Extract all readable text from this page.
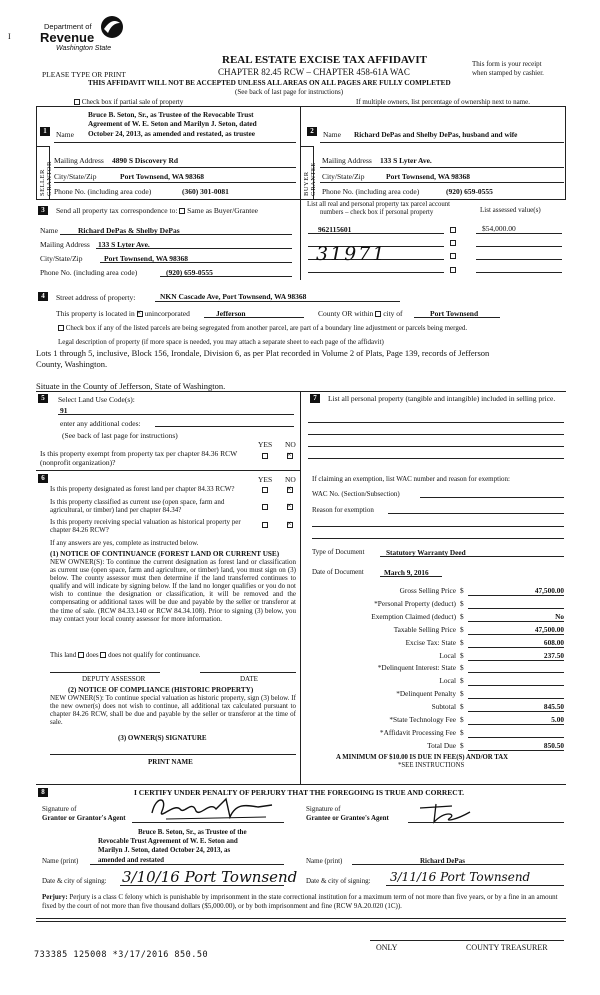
I
Department of
Revenue
Washington State
REAL ESTATE EXCISE TAX AFFIDAVIT
PLEASE TYPE OR PRINT	CHAPTER 82.45 RCW – CHAPTER 458-61A WAC
THIS AFFIDAVIT WILL NOT BE ACCEPTED UNLESS ALL AREAS ON ALL PAGES ARE FULLY COMPLETED
(See back of last page for instructions)
This form is your receipt
when stamped by cashier.
Check box if partial sale of property	If multiple owners, list percentage of ownership next to name.
SELLER GRANTOR
1	Name
Bruce B. Seton, Sr., as Trustee of the Revocable Trust
Agreement of W. E. Seton and Marilyn J. Seton, dated
October 24, 2013, as amended and restated, as trustee
Mailing Address 4890 S Discovery Rd
City/State/Zip	Port Townsend, WA 98368
Phone No. (including area code)	(360) 301-0081	BUYER GRANTEE
2	Name Richard DePas and Shelby DePas, husband and wife
Mailing Address 133 S Lyter Ave.
City/State/Zip	Port Townsend, WA 98368
Phone No. (including area code)	(920) 659-0555
3	Send all property tax correspondence to: Same as Buyer/Grantee
Name	Richard DePas & Shelby DePas
Mailing Address 133 S Lyter Ave.
City/State/Zip	Port Townsend, WA 98368
Phone No. (including area code)	(920) 659-0555
List all real and personal property tax parcel account
numbers – check box if personal property	List assessed value(s)
962115601	$54,000.00
31971
4	Street address of property:	NKN Cascade Ave, Port Townsend, WA 98368
This property is located in × unincorporated	Jefferson	County OR within city of	Port Townsend
Check box if any of the listed parcels are being segregated from another parcel, are part of a boundary line adjustment or parcels being merged.
Legal description of property (if more space is needed, you may attach a separate sheet to each page of the affidavit)
Lots 1 through 5, inclusive, Block 156, Irondale, Division 6, as per Plat recorded in Volume 2 of Plats, Page 139, records of Jefferson
County, Washington.
Situate in the County of Jefferson, State of Washington.
5	Select Land Use Code(s):
91
enter any additional codes:
(See back of last page for instructions)
YES NO
Is this property exempt from property tax per chapter 84.36 RCW (nonprofit organization)?
×
6	YES NO
Is this property designated as forest land per chapter 84.33 RCW?
×
Is this property classified as current use (open space, farm and agricultural, or timber) land per chapter 84.34?
×
Is this property receiving special valuation as historical property per chapter 84.26 RCW?
×
If any answers are yes, complete as instructed below.
(1) NOTICE OF CONTINUANCE (FOREST LAND OR CURRENT USE)
NEW OWNER(S): To continue the current designation as forest land or classification as current use (open space, farm and agriculture, or timber) land, you must sign on (3) below. The county assessor must then determine if the land transferred continues to qualify and will indicate by signing below. If the land no longer qualifies or you do not wish to continue the designation or classification, it will be removed and the compensating or additional taxes will be due and payable by the seller or transferor at the time of sale. (RCW 84.33.140 or RCW 84.34.108). Prior to signing (3) below, you may contact your local county assessor for more information.
This land does does not qualify for continuance.
DEPUTY ASSESSOR	DATE
(2) NOTICE OF COMPLIANCE (HISTORIC PROPERTY)
NEW OWNER(S): To continue special valuation as historic property, sign (3) below. If the new owner(s) does not wish to continue, all additional tax calculated pursuant to chapter 84.26 RCW, shall be due and payable by the seller or transferor at the time of sale.
(3) OWNER(S) SIGNATURE
PRINT NAME
7	List all personal property (tangible and intangible) included in selling price.
If claiming an exemption, list WAC number and reason for exemption:
WAC No. (Section/Subsection)
Reason for exemption
Type of Document	Statutory Warranty Deed
Date of Document	March 9, 2016
Gross Selling Price $	47,500.00
*Personal Property (deduct) $
Exemption Claimed (deduct) $	No
Taxable Selling Price $	47,500.00
Excise Tax: State $	608.00
Local $	237.50
*Delinquent Interest: State $
Local $
*Delinquent Penalty $
Subtotal $	845.50
*State Technology Fee $	5.00
*Affidavit Processing Fee $
Total Due $	850.50
A MINIMUM OF $10.00 IS DUE IN FEE(S) AND/OR TAX
*SEE INSTRUCTIONS
8	I CERTIFY UNDER PENALTY OF PERJURY THAT THE FOREGOING IS TRUE AND CORRECT.
Signature of
Grantor or Grantor's Agent
Signature of
Grantee or Grantee's Agent
Bruce B. Seton, Sr., as Trustee of the
Revocable Trust Agreement of W. E. Seton and
Marilyn J. Seton, dated October 24, 2013, as
Name (print)	amended and restated	Name (print)	Richard DePas
Date & city of signing: 3/10/16 Port Townsend Date & city of signing: 3/11/16 Port Townsend
Perjury: Perjury is a class C felony which is punishable by imprisonment in the state correctional institution for a maximum term of not more than five years, or by a fine in an amount fixed by the court of not more than five thousand dollars ($5,000.00), or by both imprisonment and fine (RCW 9A.20.020 (1C)).
ONLY	COUNTY TREASURER
733385 125008 *3/17/2016 850.50
